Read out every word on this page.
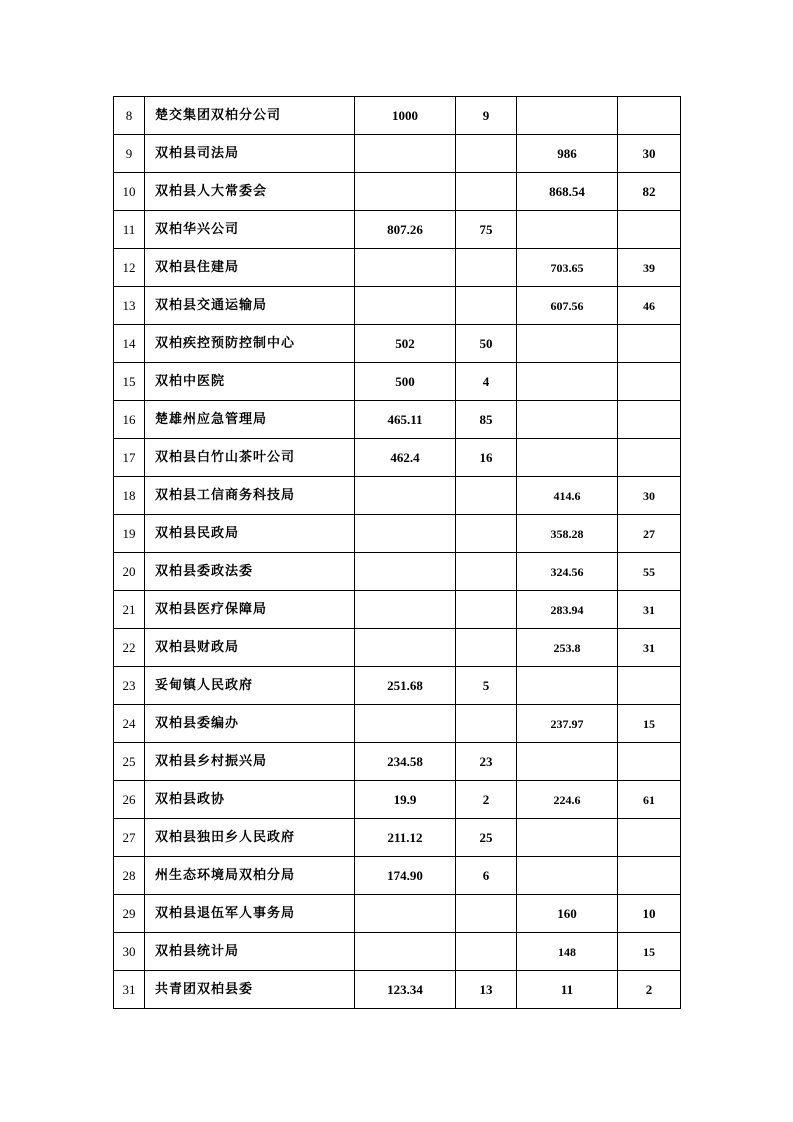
8	楚交集团双柏分公司	1000	9		
9	双柏县司法局			986	30
10	双柏县人大常委会			868.54	82
11	双柏华兴公司	807.26	75		
12	双柏县住建局			703.65	39
13	双柏县交通运输局			607.56	46
14	双柏疾控预防控制中心	502	50		
15	双柏中医院	500	4		
16	楚雄州应急管理局	465.11	85		
17	双柏县白竹山茶叶公司	462.4	16		
18	双柏县工信商务科技局			414.6	30
19	双柏县民政局			358.28	27
20	双柏县委政法委			324.56	55
21	双柏县医疗保障局			283.94	31
22	双柏县财政局			253.8	31
23	妥甸镇人民政府	251.68	5		
24	双柏县委编办			237.97	15
25	双柏县乡村振兴局	234.58	23		
26	双柏县政协	19.9	2	224.6	61
27	双柏县独田乡人民政府	211.12	25		
28	州生态环境局双柏分局	174.90	6		
29	双柏县退伍军人事务局			160	10
30	双柏县统计局			148	15
31	共青团双柏县委	123.34	13	11	2
